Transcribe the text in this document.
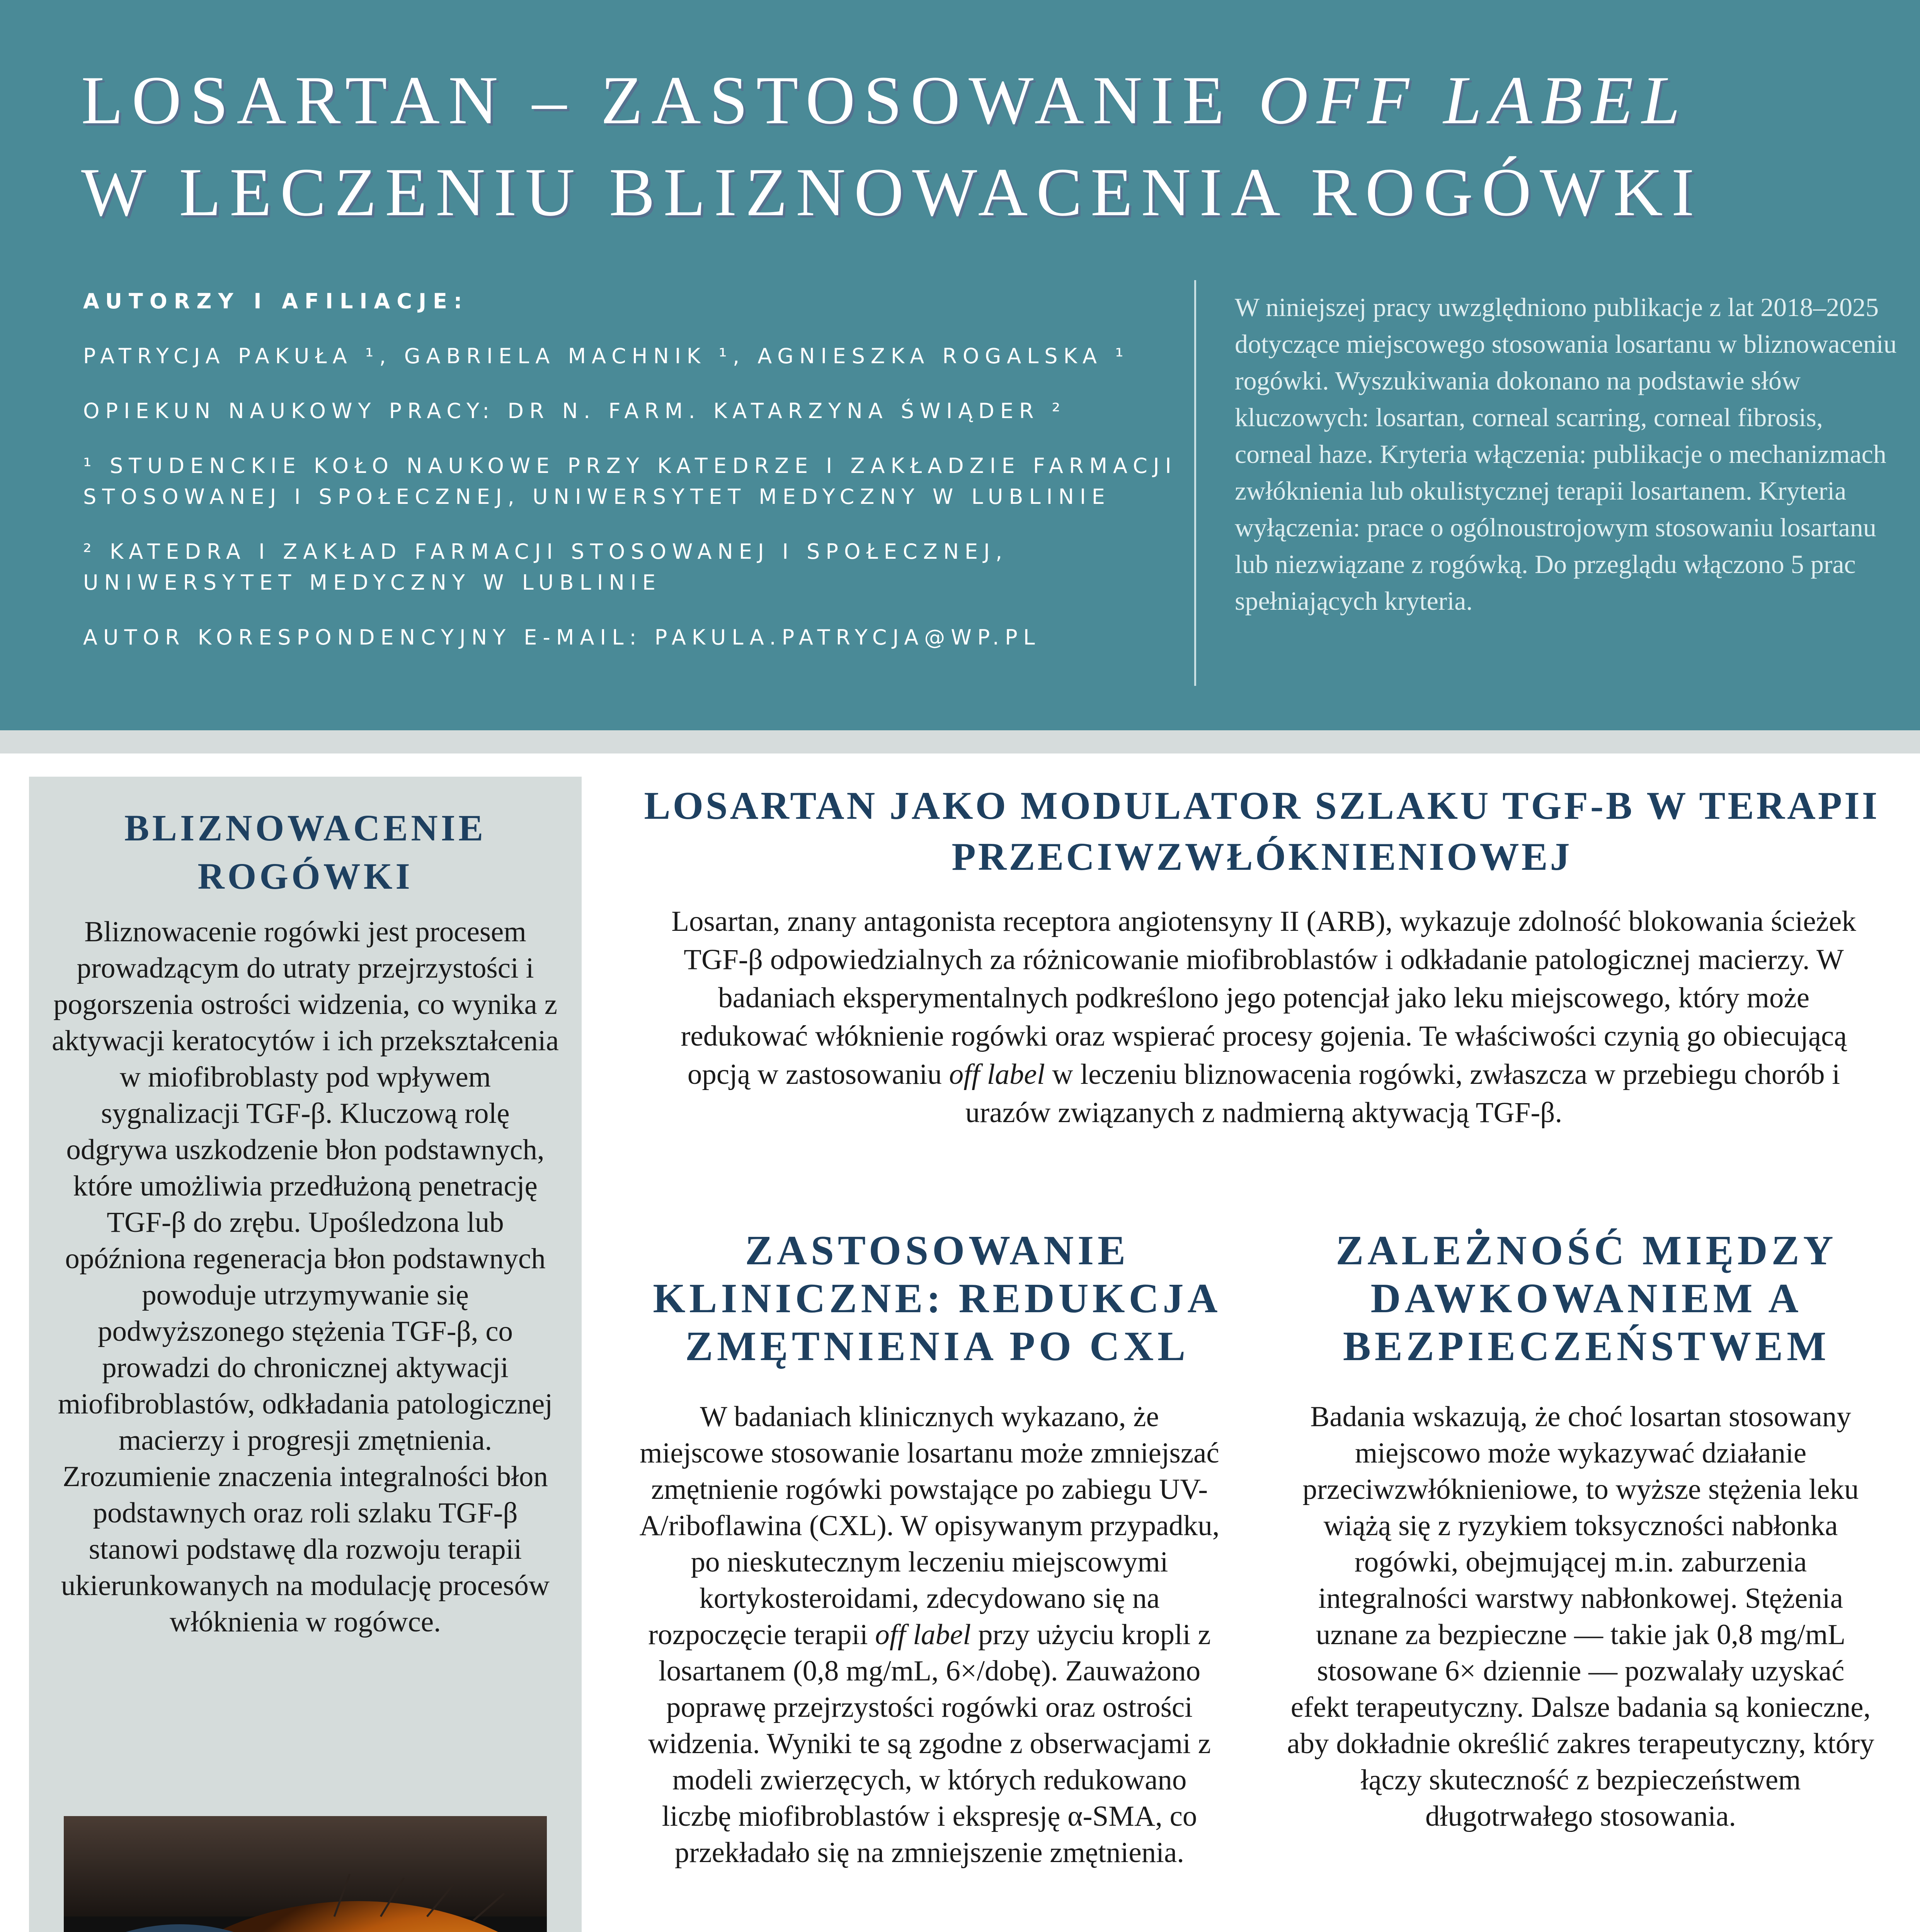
LOSARTAN – ZASTOSOWANIE OFF LABEL
W LECZENIU BLIZNOWACENIA ROGÓWKI

AUTORZY I AFILIACJE:

PATRYCJA PAKUŁA ¹, GABRIELA MACHNIK ¹, AGNIESZKA ROGALSKA ¹

OPIEKUN NAUKOWY PRACY: DR N. FARM. KATARZYNA ŚWIĄDER ²

¹ STUDENCKIE KOŁO NAUKOWE PRZY KATEDRZE I ZAKŁADZIE FARMACJI STOSOWANEJ I SPOŁECZNEJ, UNIWERSYTET MEDYCZNY W LUBLINIE

² KATEDRA I ZAKŁAD FARMACJI STOSOWANEJ I SPOŁECZNEJ, UNIWERSYTET MEDYCZNY W LUBLINIE

AUTOR KORESPONDENCYJNY E-MAIL: PAKULA.PATRYCJA@WP.PL

W niniejszej pracy uwzględniono publikacje z lat 2018–2025 dotyczące miejscowego stosowania losartanu w bliznowaceniu rogówki. Wyszukiwania dokonano na podstawie słów kluczowych: losartan, corneal scarring, corneal fibrosis, corneal haze. Kryteria włączenia: publikacje o mechanizmach zwłóknienia lub okulistycznej terapii losartanem. Kryteria wyłączenia: prace o ogólnoustrojowym stosowaniu losartanu lub niezwiązane z rogówką. Do przeglądu włączono 5 prac spełniających kryteria.
BLIZNOWACENIE ROGÓWKI
Bliznowacenie rogówki jest procesem prowadzącym do utraty przejrzystości i pogorszenia ostrości widzenia, co wynika z aktywacji keratocytów i ich przekształcenia w miofibroblasty pod wpływem sygnalizacji TGF-β. Kluczową rolę odgrywa uszkodzenie błon podstawnych, które umożliwia przedłużoną penetrację TGF-β do zrębu. Upośledzona lub opóźniona regeneracja błon podstawnych powoduje utrzymywanie się podwyższonego stężenia TGF-β, co prowadzi do chronicznej aktywacji miofibroblastów, odkładania patologicznej macierzy i progresji zmętnienia. Zrozumienie znaczenia integralności błon podstawnych oraz roli szlaku TGF-β stanowi podstawę dla rozwoju terapii ukierunkowanych na modulację procesów włóknienia w rogówce.
LOSARTAN JAKO MODULATOR SZLAKU TGF-Β W TERAPII PRZECIWZWŁÓKNIENIOWEJ
Losartan, znany antagonista receptora angiotensyny II (ARB), wykazuje zdolność blokowania ścieżek TGF-β odpowiedzialnych za różnicowanie miofibroblastów i odkładanie patologicznej macierzy. W badaniach eksperymentalnych podkreślono jego potencjał jako leku miejscowego, który może redukować włóknienie rogówki oraz wspierać procesy gojenia. Te właściwości czynią go obiecującą opcją w zastosowaniu off label w leczeniu bliznowacenia rogówki, zwłaszcza w przebiegu chorób i urazów związanych z nadmierną aktywacją TGF-β.
ZASTOSOWANIE KLINICZNE: REDUKCJA ZMĘTNIENIA PO CXL
W badaniach klinicznych wykazano, że miejscowe stosowanie losartanu może zmniejszać zmętnienie rogówki powstające po zabiegu UV-A/riboflawina (CXL). W opisywanym przypadku, po nieskutecznym leczeniu miejscowymi kortykosteroidami, zdecydowano się na rozpoczęcie terapii off label przy użyciu kropli z losartanem (0,8 mg/mL, 6×/dobę). Zauważono poprawę przejrzystości rogówki oraz ostrości widzenia. Wyniki te są zgodne z obserwacjami z modeli zwierzęcych, w których redukowano liczbę miofibroblastów i ekspresję α-SMA, co przekładało się na zmniejszenie zmętnienia.
ZALEŻNOŚĆ MIĘDZY DAWKOWANIEM A BEZPIECZEŃSTWEM
Badania wskazują, że choć losartan stosowany miejscowo może wykazywać działanie przeciwzwłóknieniowe, to wyższe stężenia leku wiążą się z ryzykiem toksyczności nabłonka rogówki, obejmującej m.in. zaburzenia integralności warstwy nabłonkowej. Stężenia uznane za bezpieczne — takie jak 0,8 mg/mL stosowane 6× dziennie — pozwalały uzyskać efekt terapeutyczny. Dalsze badania są konieczne, aby dokładnie określić zakres terapeutyczny, który łączy skuteczność z bezpieczeństwem długotrwałego stosowania.
